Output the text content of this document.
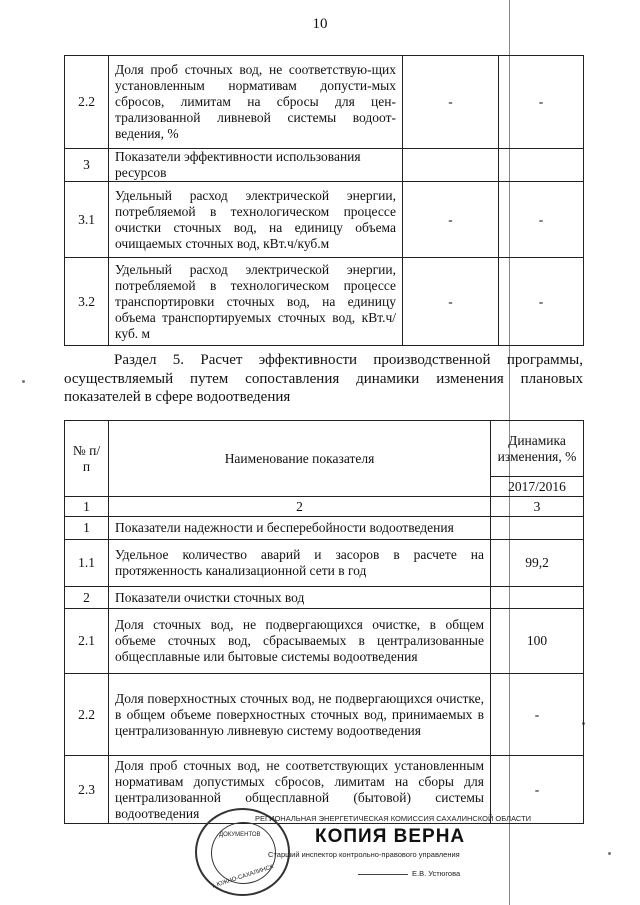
10
2.2	Доля проб сточных вод, не соответствую-щих установленным нормативам допусти-мых сбросов, лимитам на сбросы для цен-трализованной ливневой системы водоот-ведения, %	-	-
3	Показатели эффективности использования ресурсов		
3.1	Удельный расход электрической энергии, потребляемой в технологическом процессе очистки сточных вод, на единицу объема очищаемых сточных вод, кВт.ч/куб.м	-	-
3.2	Удельный расход электрической энергии, потребляемой в технологическом процессе транспортировки сточных вод, на единицу объема транспортируемых сточных вод, кВт.ч/куб. м	-	-
Раздел 5. Расчет эффективности производственной программы, осуществляемый путем сопоставления динамики изменения плановых показателей в сфере водоотведения
№ п/п	Наименование показателя	Динамика изменения, %
		2017/2016
1	2	3
1	Показатели надежности и бесперебойности водоотведения	
1.1	Удельное количество аварий и засоров в расчете на протяженность канализационной сети в год	99,2
2	Показатели очистки сточных вод	
2.1	Доля сточных вод, не подвергающихся очистке, в общем объеме сточных вод, сбрасываемых в централизованные общесплавные или бытовые системы водоотведения	100
2.2	Доля поверхностных сточных вод, не подвергающихся очистке, в общем объеме поверхностных сточных вод, принимаемых в централизованную ливневую систему водоотведения	-
2.3	Доля проб сточных вод, не соответствующих установленным нормативам допустимых сбросов, лимитам на сборы для централизованной общесплавной (бытовой) системы водоотведения	-
ДОКУМЕНТОВ
г. ЮЖНО-САХАЛИНСК
РЕГИОНАЛЬНАЯ ЭНЕРГЕТИЧЕСКАЯ КОМИССИЯ САХАЛИНСКОЙ ОБЛАСТИ
КОПИЯ ВЕРНА
Старший инспектор контрольно-правового управления
Е.В. Устюгова
